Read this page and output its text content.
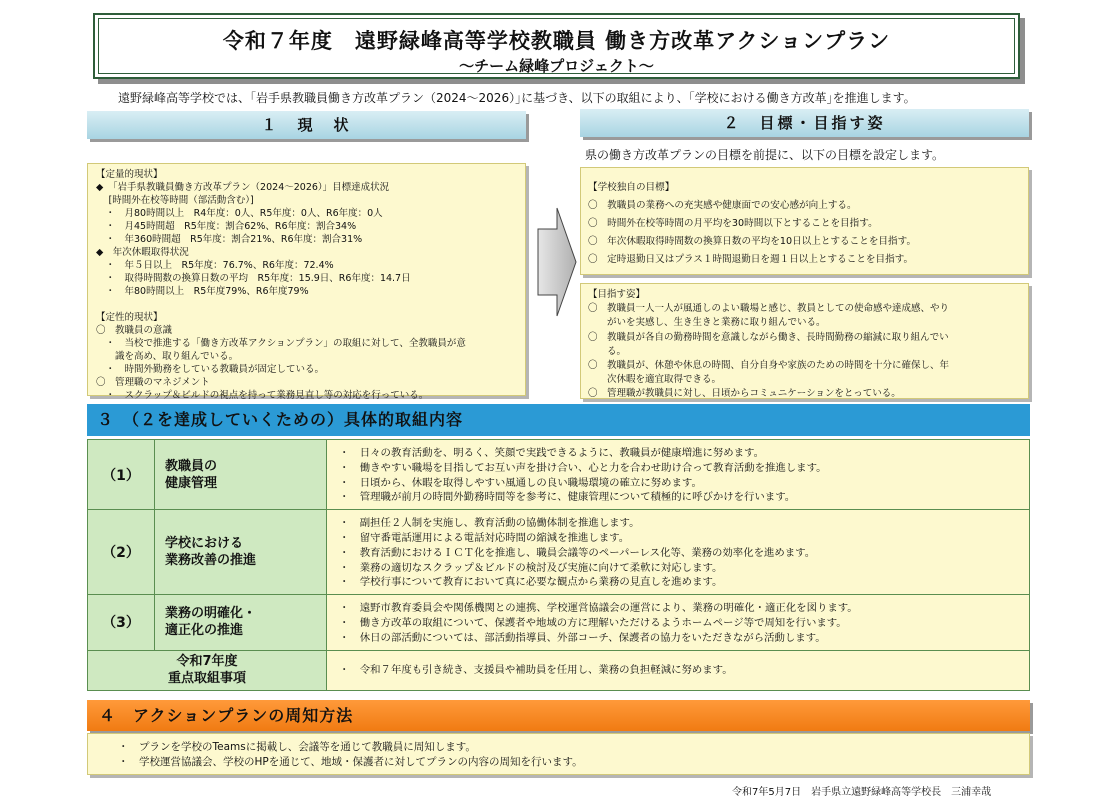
令和７年度　遠野緑峰高等学校教職員 働き方改革アクションプラン
～チーム緑峰プロジェクト～
遠野緑峰高等学校では、｢岩手県教職員働き方改革プラン（2024～2026）｣に基づき、以下の取組により、｢学校における働き方改革｣を推進します。
１　現　状
【定量的現状】
◆　「岩手県教職員働き方改革プラン（2024～2026）」目標達成状況
　 [時間外在校等時間（部活動含む）]
　・　月80時間以上　R4年度：0人、R5年度：0人、R6年度：0人
　・　月45時間超　R5年度：割合62%、R6年度：割合34%
　・　年360時間超　R5年度：割合21%、R6年度：割合31%
◆　年次休暇取得状況
　・　年５日以上　R5年度：76.7%、R6年度：72.4%
　・　取得時間数の換算日数の平均　R5年度：15.9日、R6年度：14.7日
　・　年80時間以上　R5年度79%、R6年度79%

【定性的現状】
〇　教職員の意識
　・　当校で推進する「働き方改革アクションプラン」の取組に対して、全教職員が意
　　識を高め、取り組んでいる。
　・　時間外勤務をしている教職員が固定している。
〇　管理職のマネジメント
　・　スクラップ＆ビルドの視点を持って業務見直し等の対応を行っている。
２　目標・目指す姿
県の働き方改革プランの目標を前提に、以下の目標を設定します。
【学校独自の目標】
〇　教職員の業務への充実感や健康面での安心感が向上する。
〇　時間外在校等時間の月平均を30時間以下とすることを目指す。
〇　年次休暇取得時間数の換算日数の平均を10日以上とすることを目指す。
〇　定時退勤日又はプラス１時間退勤日を週１日以上とすることを目指す。
【目指す姿】
〇　教職員一人一人が風通しのよい職場と感じ、教員としての使命感や達成感、やり
　　がいを実感し、生き生きと業務に取り組んでいる。
〇　教職員が各自の勤務時間を意識しながら働き、長時間勤務の縮減に取り組んでい
　　る。
〇　教職員が、休憩や休息の時間、自分自身や家族のための時間を十分に確保し、年
　　次休暇を適宜取得できる。
〇　管理職が教職員に対し、日頃からコミュニケーションをとっている。
３　（２を達成していくための）具体的取組内容
（1）	教職員の
健康管理	・　日々の教育活動を、明るく、笑顔で実践できるように、教職員が健康増進に努めます。
・　働きやすい職場を目指してお互い声を掛け合い、心と力を合わせ助け合って教育活動を推進します。
・　日頃から、休暇を取得しやすい風通しの良い職場環境の確立に努めます。
・　管理職が前月の時間外勤務時間等を参考に、健康管理について積極的に呼びかけを行います。
（2）	学校における
業務改善の推進	・　副担任２人制を実施し、教育活動の協働体制を推進します。
・　留守番電話運用による電話対応時間の縮減を推進します。
・　教育活動におけるＩＣＴ化を推進し、職員会議等のペーパーレス化等、業務の効率化を進めます。
・　業務の適切なスクラップ＆ビルドの検討及び実施に向けて柔軟に対応します。
・　学校行事について教育において真に必要な観点から業務の見直しを進めます。
（3）	業務の明確化・
適正化の推進	・　遠野市教育委員会や関係機関との連携、学校運営協議会の運営により、業務の明確化・適正化を図ります。
・　働き方改革の取組について、保護者や地域の方に理解いただけるようホームページ等で周知を行います。
・　休日の部活動については、部活動指導員、外部コーチ、保護者の協力をいただきながら活動します。
令和7年度
重点取組事項		・　令和７年度も引き続き、支援員や補助員を任用し、業務の負担軽減に努めます。
４　アクションプランの周知方法
・　プランを学校のTeamsに掲載し、会議等を通じて教職員に周知します。
・　学校運営協議会、学校のHPを通じて、地域・保護者に対してプランの内容の周知を行います。
令和7年5月7日　岩手県立遠野緑峰高等学校長　三浦幸哉
